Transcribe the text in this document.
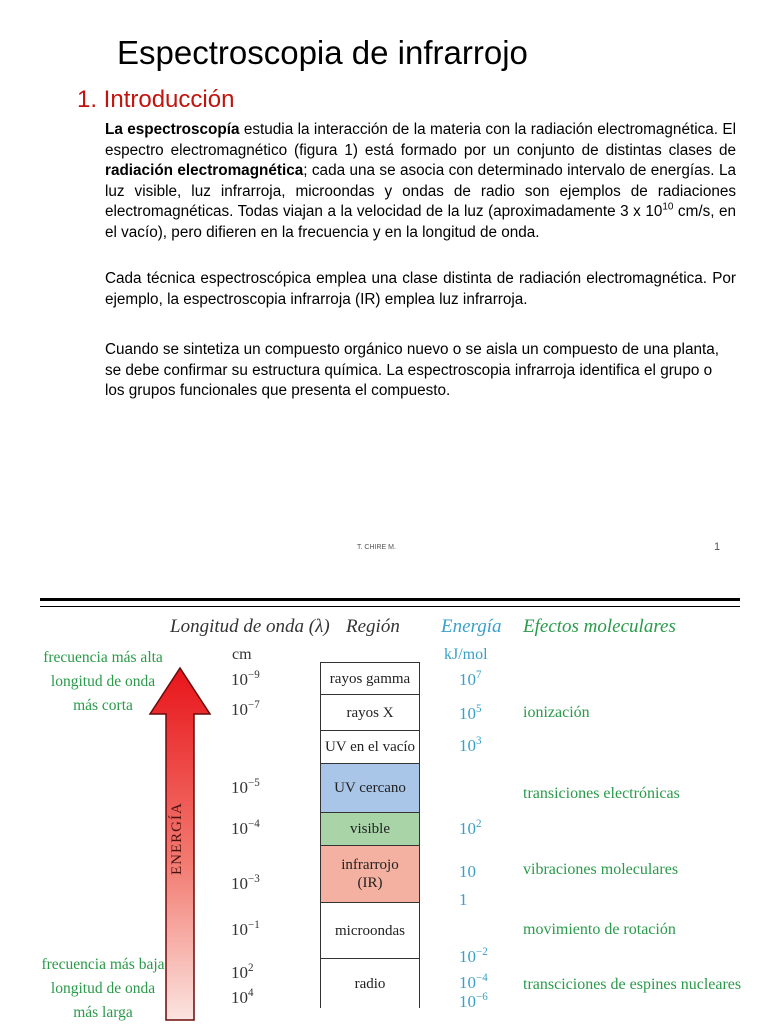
Espectroscopia de infrarrojo
1. Introducción
La espectroscopía estudia la interacción de la materia con la radiación electromagnética. El espectro electromagnético (figura 1) está formado por un conjunto de distintas clases de radiación electromagnética; cada una se asocia con determinado intervalo de energías. La luz visible, luz infrarroja, microondas y ondas de radio son ejemplos de radiaciones electromagnéticas. Todas viajan a la velocidad de la luz (aproximadamente 3 x $10^{10}$ cm/s, en el vacío), pero difieren en la frecuencia y en la longitud de onda.
Cada técnica espectroscópica emplea una clase distinta de radiación electromagnética. Por ejemplo, la espectroscopia infrarroja (IR) emplea luz infrarroja.
Cuando se sintetiza un compuesto orgánico nuevo o se aisla un compuesto de una planta, se debe confirmar su estructura química. La espectroscopia infrarroja identifica el grupo o los grupos funcionales que presenta el compuesto.
T. CHIRE M.	1
Longitud de onda (λ) Región Energía Efectos moleculares
cm	kJ/mol
frecuencia más alta
longitud de onda
más corta
frecuencia más baja
longitud de onda
más larga
ENERGÍA
rayos gamma
rayos X
UV en el vacío
UV cercano
visible
infrarrojo
(IR)
microondas
radio
$10^{-9}$
$10^{-7}$
$10^{-5}$
$10^{-4}$
$10^{-3}$
$10^{-1}$
$10^2$
$10^4$
$10^7$
$10^5$
$10^3$
$10^2$
10
1
$10^{-2}$
$10^{-4}$
$10^{-6}$
ionización
transiciones electrónicas
vibraciones moleculares
movimiento de rotación
transciciones de espines nucleares
